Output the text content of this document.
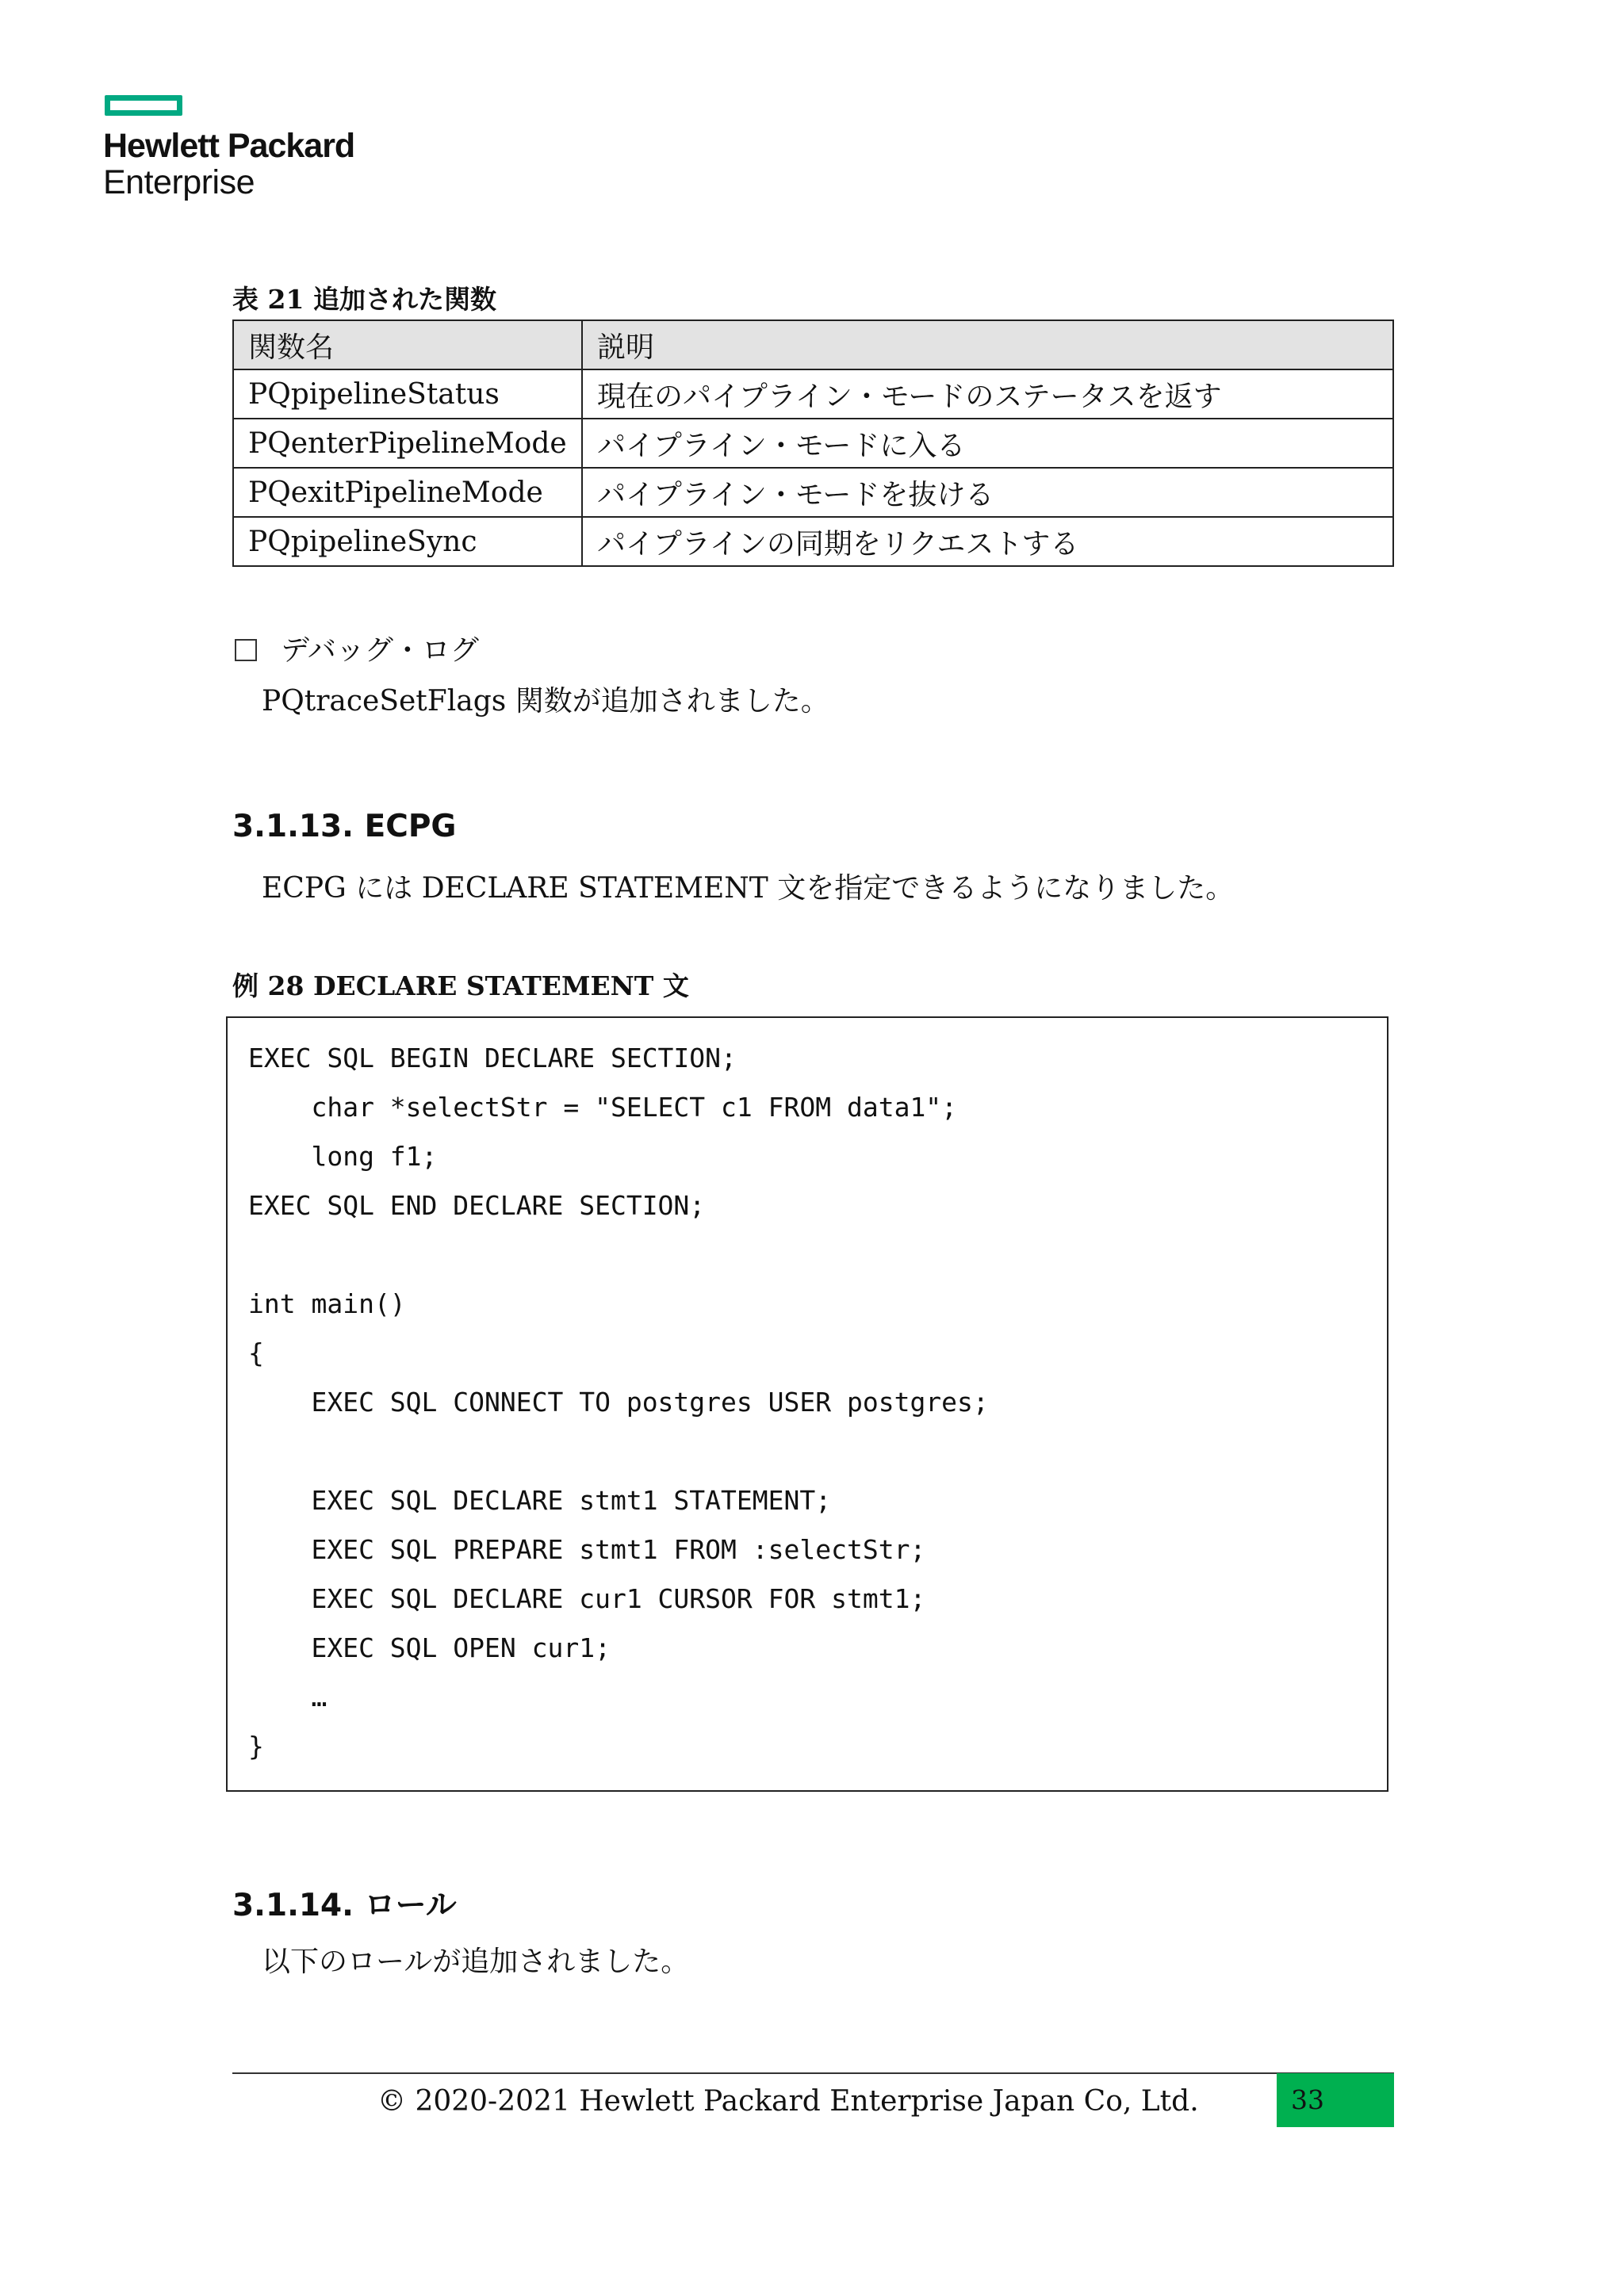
Hewlett Packard
Enterprise
表 21 追加された関数
関数名	説明
PQpipelineStatus	現在のパイプライン・モードのステータスを返す
PQenterPipelineMode	パイプライン・モードに入る
PQexitPipelineMode	パイプライン・モードを抜ける
PQpipelineSync	パイプラインの同期をリクエストする
デバッグ・ログ
PQtraceSetFlags 関数が追加されました。
3.1.13. ECPG
ECPG には DECLARE STATEMENT 文を指定できるようになりました。
例 28 DECLARE STATEMENT 文
EXEC SQL BEGIN DECLARE SECTION;
char *selectStr = "SELECT c1 FROM data1";
long f1;
EXEC SQL END DECLARE SECTION;

int main()
{
EXEC SQL CONNECT TO postgres USER postgres;

EXEC SQL DECLARE stmt1 STATEMENT;
EXEC SQL PREPARE stmt1 FROM :selectStr;
EXEC SQL DECLARE cur1 CURSOR FOR stmt1;
EXEC SQL OPEN cur1;
…
}
3.1.14. ロール
以下のロールが追加されました。
© 2020-2021 Hewlett Packard Enterprise Japan Co, Ltd.	33
